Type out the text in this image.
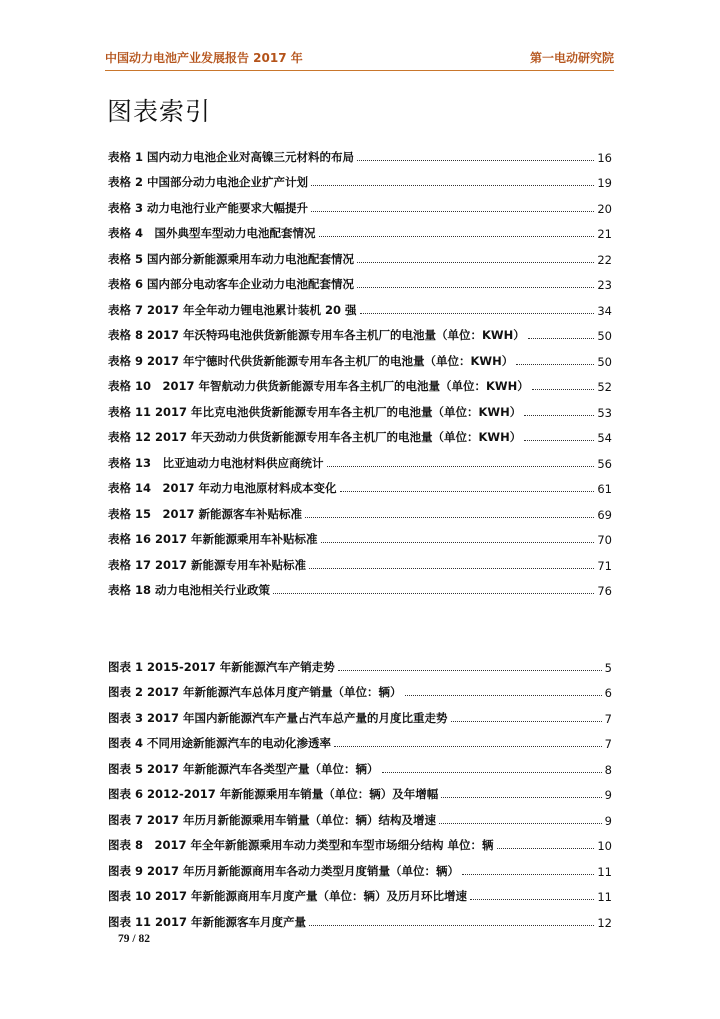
中国动力电池产业发展报告 2017 年	第一电动研究院
图表索引
表格 1 国内动力电池企业对高镍三元材料的布局	16
表格 2 中国部分动力电池企业扩产计划	19
表格 3 动力电池行业产能要求大幅提升	20
表格 4　国外典型车型动力电池配套情况	21
表格 5 国内部分新能源乘用车动力电池配套情况	22
表格 6 国内部分电动客车企业动力电池配套情况	23
表格 7 2017 年全年动力锂电池累计装机 20 强	34
表格 8 2017 年沃特玛电池供货新能源专用车各主机厂的电池量（单位：KWH）	50
表格 9 2017 年宁德时代供货新能源专用车各主机厂的电池量（单位：KWH）	50
表格 10　2017 年智航动力供货新能源专用车各主机厂的电池量（单位：KWH）	52
表格 11 2017 年比克电池供货新能源专用车各主机厂的电池量（单位：KWH）	53
表格 12 2017 年天劲动力供货新能源专用车各主机厂的电池量（单位：KWH）	54
表格 13　比亚迪动力电池材料供应商统计	56
表格 14　2017 年动力电池原材料成本变化	61
表格 15　2017 新能源客车补贴标准	69
表格 16 2017 年新能源乘用车补贴标准	70
表格 17 2017 新能源专用车补贴标准	71
表格 18 动力电池相关行业政策	76
图表 1 2015-2017 年新能源汽车产销走势	5
图表 2 2017 年新能源汽车总体月度产销量（单位：辆）	6
图表 3 2017 年国内新能源汽车产量占汽车总产量的月度比重走势	7
图表 4 不同用途新能源汽车的电动化渗透率	7
图表 5 2017 年新能源汽车各类型产量（单位：辆）	8
图表 6 2012-2017 年新能源乘用车销量（单位：辆）及年增幅	9
图表 7 2017 年历月新能源乘用车销量（单位：辆）结构及增速	9
图表 8　2017 年全年新能源乘用车动力类型和车型市场细分结构 单位：辆	10
图表 9 2017 年历月新能源商用车各动力类型月度销量（单位：辆）	11
图表 10 2017 年新能源商用车月度产量（单位：辆）及历月环比增速	11
图表 11 2017 年新能源客车月度产量	12
79 / 82
